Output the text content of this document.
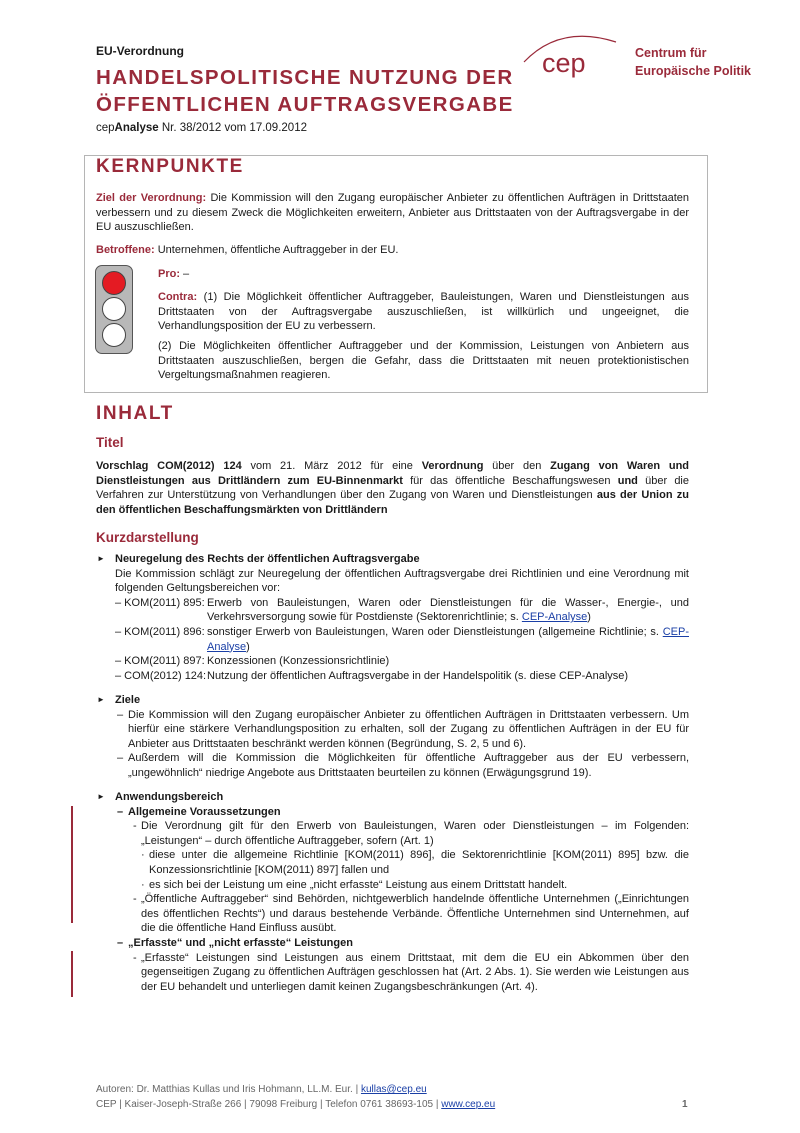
EU-Verordnung
HANDELSPOLITISCHE NUTZUNG DER
ÖFFENTLICHEN AUFTRAGSVERGABE
cepAnalyse Nr. 38/2012 vom 17.09.2012
cep	Centrum für
Europäische Politik
KERNPUNKTE
Ziel der Verordnung: Die Kommission will den Zugang europäischer Anbieter zu öffentlichen Aufträgen in Drittstaaten verbessern und zu diesem Zweck die Möglichkeiten erweitern, Anbieter aus Drittstaaten von der Auftragsvergabe in der EU auszuschließen.
Betroffene: Unternehmen, öffentliche Auftraggeber in der EU.
Pro: –
Contra: (1) Die Möglichkeit öffentlicher Auftraggeber, Bauleistungen, Waren und Dienstleistungen aus Drittstaaten von der Auftragsvergabe auszuschließen, ist willkürlich und ungeeignet, die Verhandlungsposition der EU zu verbessern.
(2) Die Möglichkeiten öffentlicher Auftraggeber und der Kommission, Leistungen von Anbietern aus Drittstaaten auszuschließen, bergen die Gefahr, dass die Drittstaaten mit neuen protektionistischen Vergeltungsmaßnahmen reagieren.
INHALT
Titel
Vorschlag COM(2012) 124 vom 21. März 2012 für eine Verordnung über den Zugang von Waren und Dienstleistungen aus Drittländern zum EU-Binnenmarkt für das öffentliche Beschaffungswesen und über die Verfahren zur Unterstützung von Verhandlungen über den Zugang von Waren und Dienstleistungen aus der Union zu den öffentlichen Beschaffungsmärkten von Drittländern
Kurzdarstellung
► Neuregelung des Rechts der öffentlichen Auftragsvergabe
Die Kommission schlägt zur Neuregelung der öffentlichen Auftragsvergabe drei Richtlinien und eine Verordnung mit folgenden Geltungsbereichen vor:
– KOM(2011) 895: Erwerb von Bauleistungen, Waren oder Dienstleistungen für die Wasser-, Energie-, und Verkehrsversorgung sowie für Postdienste (Sektorenrichtlinie; s. CEP-Analyse)
– KOM(2011) 896: sonstiger Erwerb von Bauleistungen, Waren oder Dienstleistungen (allgemeine Richtlinie; s. CEP-Analyse)
– KOM(2011) 897: Konzessionen (Konzessionsrichtlinie)
– COM(2012) 124: Nutzung der öffentlichen Auftragsvergabe in der Handelspolitik (s. diese CEP-Analyse)
► Ziele
– Die Kommission will den Zugang europäischer Anbieter zu öffentlichen Aufträgen in Drittstaaten verbessern. Um hierfür eine stärkere Verhandlungsposition zu erhalten, soll der Zugang zu öffentlichen Aufträgen in der EU für Anbieter aus Drittstaaten beschränkt werden können (Begründung, S. 2, 5 und 6).
– Außerdem will die Kommission die Möglichkeiten für öffentliche Auftraggeber aus der EU verbessern, „ungewöhnlich“ niedrige Angebote aus Drittstaaten beurteilen zu können (Erwägungsgrund 19).
► Anwendungsbereich
– Allgemeine Voraussetzungen
- Die Verordnung gilt für den Erwerb von Bauleistungen, Waren oder Dienstleistungen – im Folgenden: „Leistungen“ – durch öffentliche Auftraggeber, sofern (Art. 1)
· diese unter die allgemeine Richtlinie [KOM(2011) 896], die Sektorenrichtlinie [KOM(2011) 895] bzw. die Konzessionsrichtlinie [KOM(2011) 897] fallen und
· es sich bei der Leistung um eine „nicht erfasste“ Leistung aus einem Drittstatt handelt.
- „Öffentliche Auftraggeber“ sind Behörden, nichtgewerblich handelnde öffentliche Unternehmen („Einrichtungen des öffentlichen Rechts“) und daraus bestehende Verbände. Öffentliche Unternehmen sind Unternehmen, auf die die öffentliche Hand Einfluss ausübt.
– „Erfasste“ und „nicht erfasste“ Leistungen
- „Erfasste“ Leistungen sind Leistungen aus einem Drittstaat, mit dem die EU ein Abkommen über den gegenseitigen Zugang zu öffentlichen Aufträgen geschlossen hat (Art. 2 Abs. 1). Sie werden wie Leistungen aus der EU behandelt und unterliegen damit keinen Zugangsbeschränkungen (Art. 4).
Autoren: Dr. Matthias Kullas und Iris Hohmann, LL.M. Eur. | kullas@cep.eu
CEP | Kaiser-Joseph-Straße 266 | 79098 Freiburg | Telefon 0761 38693-105 | www.cep.eu	1
